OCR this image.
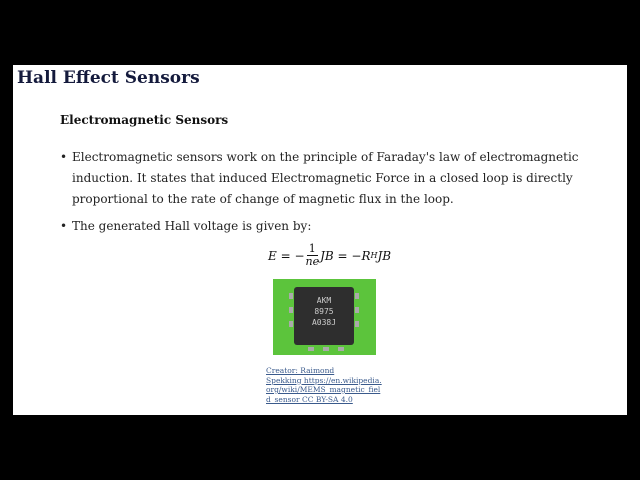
Hall Effect Sensors
Electromagnetic Sensors
• Electromagnetic sensors work on the principle of Faraday's law of electromagnetic induction. It states that induced Electromagnetic Force in a closed loop is directly proportional to the rate of change of magnetic flux in the loop.
• The generated Hall voltage is given by:
E = − $\frac{1}{ne}$ JB = −R H JB
AKM
8975
A038J
Creator: Raimond
Spekking https://en.wikipedia.
org/wiki/MEMS_magnetic_fiel
d_sensor CC BY-SA 4.0
